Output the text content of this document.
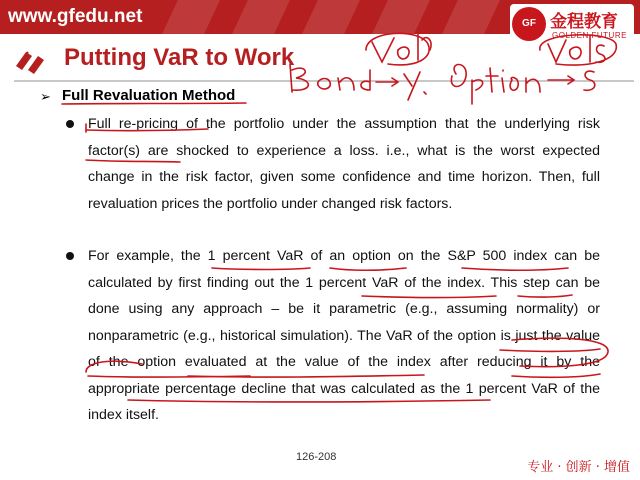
www.gfedu.net	GF 金程教育
GOLDEN FUTURE
Putting VaR to Work
➢ Full Revaluation Method

Full re-pricing of the portfolio under the assumption that the underlying risk factor(s) are shocked to experience a loss. i.e., what is the worst expected change in the risk factor, given some confidence and time horizon. Then, full revaluation prices the portfolio under changed risk factors.

For example, the 1 percent VaR of an option on the S&P 500 index can be calculated by first finding out the 1 percent VaR of the index. This step can be done using any approach – be it parametric (e.g., assuming normality) or nonparametric (e.g., historical simulation). The VaR of the option is just the value of the option evaluated at the value of the index after reducing it by the appropriate percentage decline that was calculated as the 1 percent VaR of the index itself.

126-208
专业 · 创新 · 增值
